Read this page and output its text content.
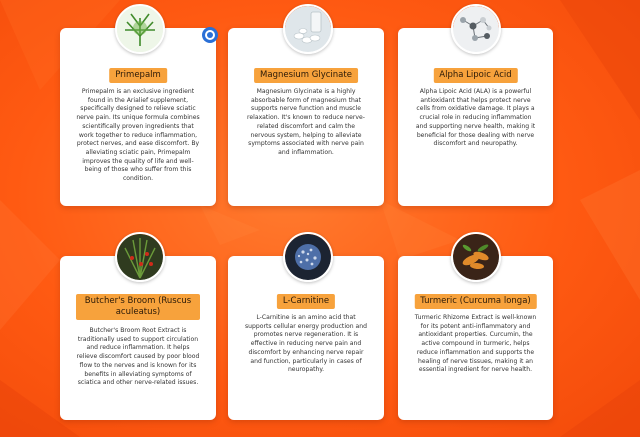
Primepalm
Primepalm is an exclusive ingredient found in the Arialief supplement, specifically designed to relieve sciatic nerve pain. Its unique formula combines scientifically proven ingredients that work together to reduce inflammation, protect nerves, and ease discomfort. By alleviating sciatic pain, Primepalm improves the quality of life and well-being of those who suffer from this condition.
Magnesium Glycinate
Magnesium Glycinate is a highly absorbable form of magnesium that supports nerve function and muscle relaxation. It's known to reduce nerve-related discomfort and calm the nervous system, helping to alleviate symptoms associated with nerve pain and inflammation.
Alpha Lipoic Acid
Alpha Lipoic Acid (ALA) is a powerful antioxidant that helps protect nerve cells from oxidative damage. It plays a crucial role in reducing inflammation and supporting nerve health, making it beneficial for those dealing with nerve discomfort and neuropathy.
Butcher's Broom (Ruscus aculeatus)
Butcher's Broom Root Extract is traditionally used to support circulation and reduce inflammation. It helps relieve discomfort caused by poor blood flow to the nerves and is known for its benefits in alleviating symptoms of sciatica and other nerve-related issues.
L-Carnitine
L-Carnitine is an amino acid that supports cellular energy production and promotes nerve regeneration. It is effective in reducing nerve pain and discomfort by enhancing nerve repair and function, particularly in cases of neuropathy.
Turmeric (Curcuma longa)
Turmeric Rhizome Extract is well-known for its potent anti-inflammatory and antioxidant properties. Curcumin, the active compound in turmeric, helps reduce inflammation and supports the healing of nerve tissues, making it an essential ingredient for nerve health.
